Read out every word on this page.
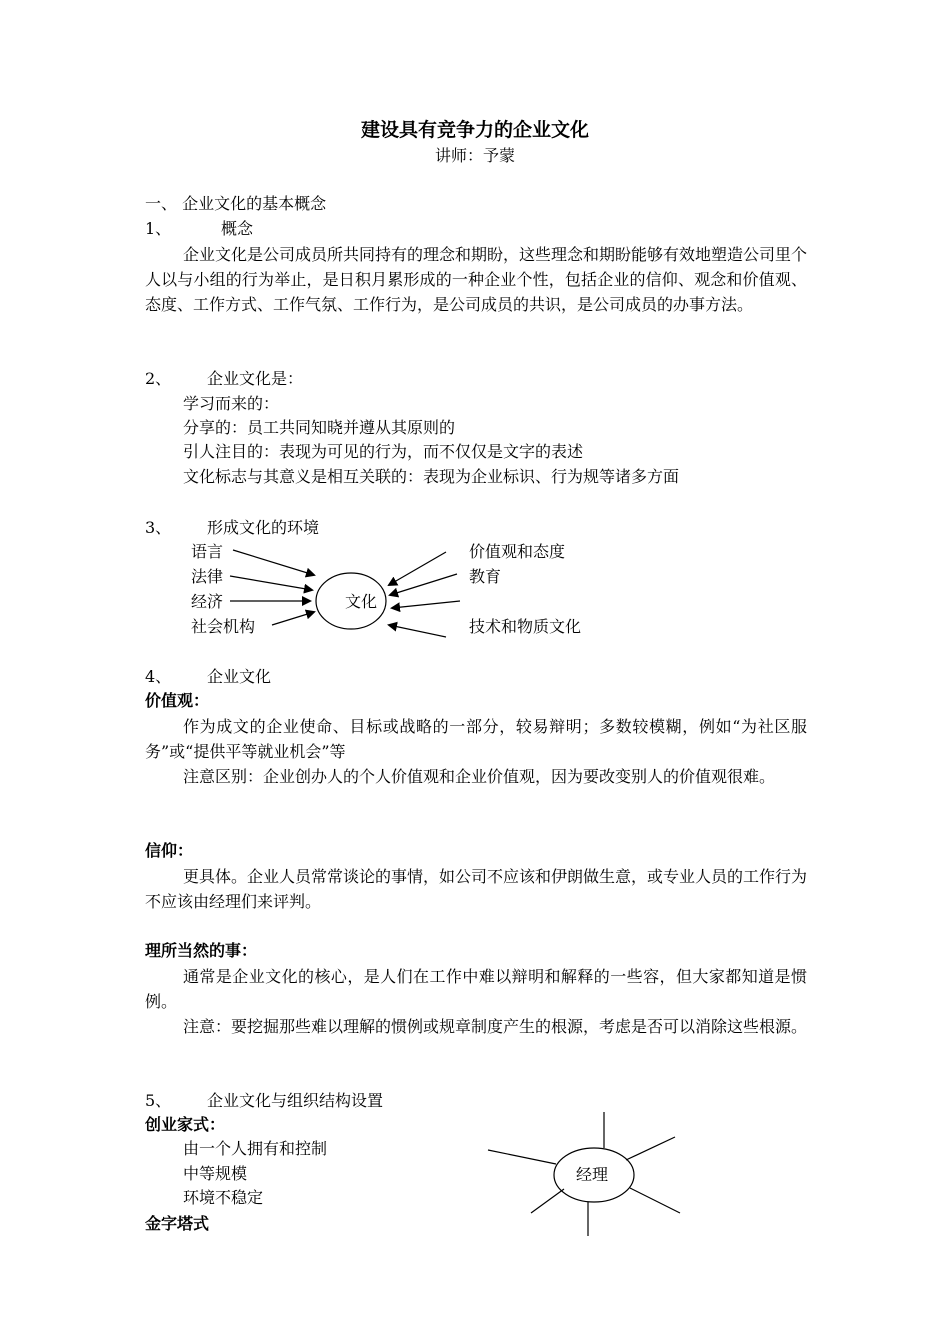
建设具有竞争力的企业文化
讲师：予蒙
一、 企业文化的基本概念
1、	概念
企业文化是公司成员所共同持有的理念和期盼，这些理念和期盼能够有效地塑造公司里个人以与小组的行为举止，是日积月累形成的一种企业个性，包括企业的信仰、观念和价值观、态度、工作方式、工作气氛、工作行为，是公司成员的共识，是公司成员的办事方法。
2、 企业文化是：
学习而来的：
分享的：员工共同知晓并遵从其原则的
引人注目的：表现为可见的行为，而不仅仅是文字的表述
文化标志与其意义是相互关联的：表现为企业标识、行为规等诸多方面
3、 形成文化的环境
语言
法律
经济
社会机构
文化
价值观和态度
教育
技术和物质文化
4、 企业文化
价值观：
作为成文的企业使命、目标或战略的一部分，较易辩明；多数较模糊，例如“为社区服务”或“提供平等就业机会”等
注意区别：企业创办人的个人价值观和企业价值观，因为要改变别人的价值观很难。
信仰：
更具体。企业人员常常谈论的事情，如公司不应该和伊朗做生意，或专业人员的工作行为不应该由经理们来评判。
理所当然的事：
通常是企业文化的核心，是人们在工作中难以辩明和解释的一些容，但大家都知道是惯例。
注意：要挖掘那些难以理解的惯例或规章制度产生的根源，考虑是否可以消除这些根源。
5、 企业文化与组织结构设置
创业家式：
由一个人拥有和控制
中等规模
环境不稳定
经理
金字塔式
